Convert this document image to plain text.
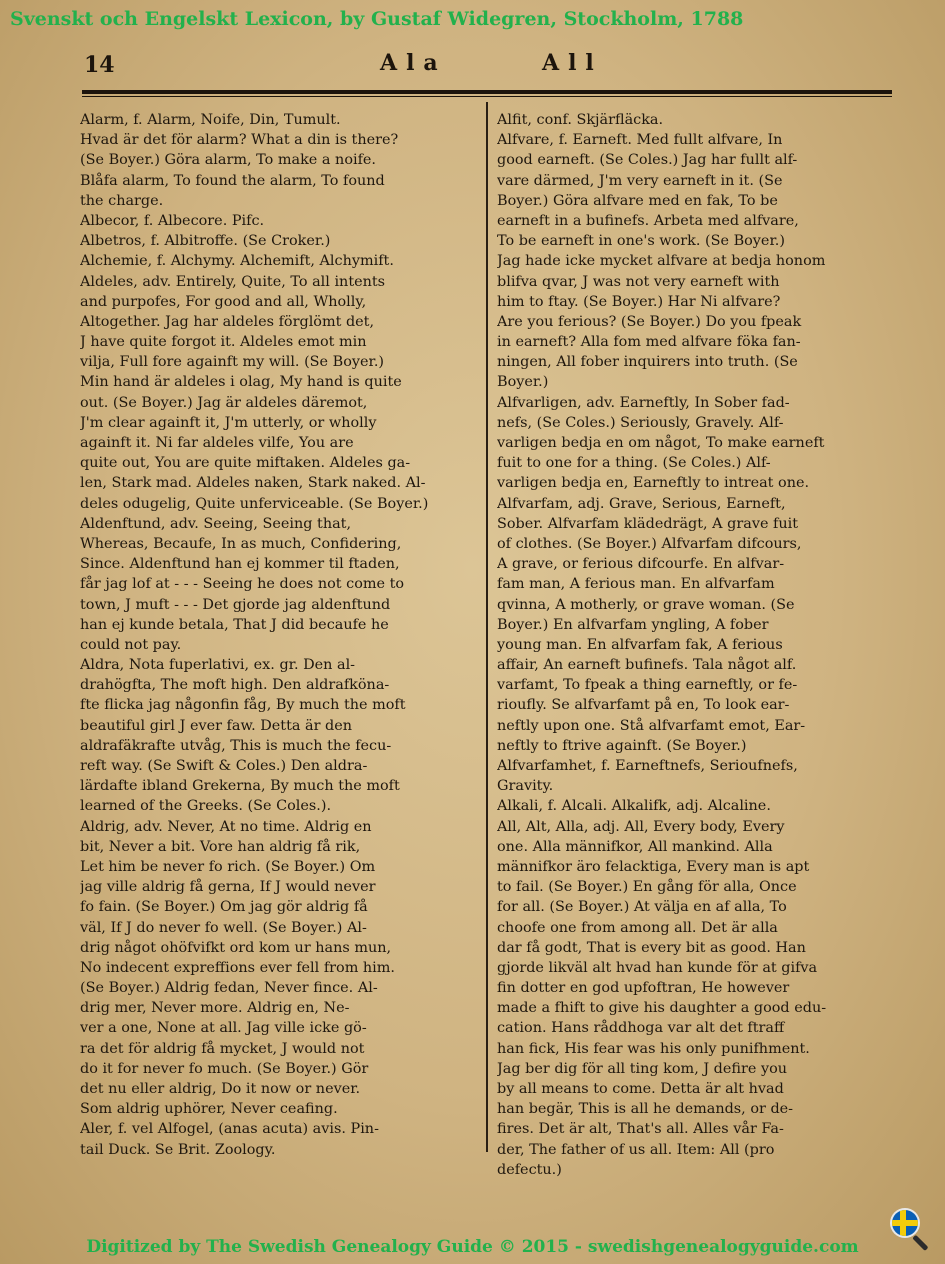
Svenskt och Engelskt Lexicon, by Gustaf Widegren, Stockholm, 1788
14	Ala	All
Alarm, f. Alarm, Noife, Din, Tumult.
Hvad är det för alarm? What a din is there?
(Se Boyer.) Göra alarm, To make a noife.
Blåfa alarm, To found the alarm, To found
the charge.
Albecor, f. Albecore. Pifc.
Albetros, f. Albitroffe. (Se Croker.)
Alchemie, f. Alchymy. Alchemift, Alchymift.
Aldeles, adv. Entirely, Quite, To all intents
and purpofes, For good and all, Wholly,
Altogether. Jag har aldeles förglömt det,
J have quite forgot it. Aldeles emot min
vilja, Full fore againft my will. (Se Boyer.)
Min hand är aldeles i olag, My hand is quite
out. (Se Boyer.) Jag är aldeles däremot,
J'm clear againft it, J'm utterly, or wholly
againft it. Ni far aldeles vilfe, You are
quite out, You are quite miftaken. Aldeles ga-
len, Stark mad. Aldeles naken, Stark naked. Al-
deles odugelig, Quite unferviceable. (Se Boyer.)
Aldenftund, adv. Seeing, Seeing that,
Whereas, Becaufe, In as much, Confidering,
Since. Aldenftund han ej kommer til ftaden,
får jag lof at - - - Seeing he does not come to
town, J muft - - - Det gjorde jag aldenftund
han ej kunde betala, That J did becaufe he
could not pay.
Aldra, Nota fuperlativi, ex. gr. Den al-
drahögfta, The moft high. Den aldrafköna-
fte flicka jag någonfin fåg, By much the moft
beautiful girl J ever faw. Detta är den
aldrafäkrafte utvåg, This is much the fecu-
reft way. (Se Swift & Coles.) Den aldra-
lärdafte ibland Grekerna, By much the moft
learned of the Greeks. (Se Coles.).
Aldrig, adv. Never, At no time. Aldrig en
bit, Never a bit. Vore han aldrig få rik,
Let him be never fo rich. (Se Boyer.) Om
jag ville aldrig få gerna, If J would never
fo fain. (Se Boyer.) Om jag gör aldrig få
väl, If J do never fo well. (Se Boyer.) Al-
drig något ohöfvifkt ord kom ur hans mun,
No indecent expreffions ever fell from him.
(Se Boyer.) Aldrig fedan, Never fince. Al-
drig mer, Never more. Aldrig en, Ne-
ver a one, None at all. Jag ville icke gö-
ra det för aldrig få mycket, J would not
do it for never fo much. (Se Boyer.) Gör
det nu eller aldrig, Do it now or never.
Som aldrig uphörer, Never ceafing.
Aler, f. vel Alfogel, (anas acuta) avis. Pin-
tail Duck. Se Brit. Zoology.
Alfit, conf. Skjärfläcka.
Alfvare, f. Earneft. Med fullt alfvare, In
good earneft. (Se Coles.) Jag har fullt alf-
vare därmed, J'm very earneft in it. (Se
Boyer.) Göra alfvare med en fak, To be
earneft in a bufinefs. Arbeta med alfvare,
To be earneft in one's work. (Se Boyer.)
Jag hade icke mycket alfvare at bedja honom
blifva qvar, J was not very earneft with
him to ftay. (Se Boyer.) Har Ni alfvare?
Are you ferious? (Se Boyer.) Do you fpeak
in earneft? Alla fom med alfvare föka fan-
ningen, All fober inquirers into truth. (Se
Boyer.)
Alfvarligen, adv. Earneftly, In Sober fad-
nefs, (Se Coles.) Seriously, Gravely. Alf-
varligen bedja en om något, To make earneft
fuit to one for a thing. (Se Coles.) Alf-
varligen bedja en, Earneftly to intreat one.
Alfvarfam, adj. Grave, Serious, Earneft,
Sober. Alfvarfam klädedrägt, A grave fuit
of clothes. (Se Boyer.) Alfvarfam difcours,
A grave, or ferious difcourfe. En alfvar-
fam man, A ferious man. En alfvarfam
qvinna, A motherly, or grave woman. (Se
Boyer.) En alfvarfam yngling, A fober
young man. En alfvarfam fak, A ferious
affair, An earneft bufinefs. Tala något alf.
varfamt, To fpeak a thing earneftly, or fe-
rioufly. Se alfvarfamt på en, To look ear-
neftly upon one. Stå alfvarfamt emot, Ear-
neftly to ftrive againft. (Se Boyer.)
Alfvarfamhet, f. Earneftnefs, Serioufnefs,
Gravity.
Alkali, f. Alcali. Alkalifk, adj. Alcaline.
All, Alt, Alla, adj. All, Every body, Every
one. Alla männifkor, All mankind. Alla
männifkor äro felacktiga, Every man is apt
to fail. (Se Boyer.) En gång för alla, Once
for all. (Se Boyer.) At välja en af alla, To
choofe one from among all. Det är alla
dar få godt, That is every bit as good. Han
gjorde likväl alt hvad han kunde för at gifva
fin dotter en god upfoftran, He however
made a fhift to give his daughter a good edu-
cation. Hans råddhoga var alt det ftraff
han fick, His fear was his only punifhment.
Jag ber dig för all ting kom, J defire you
by all means to come. Detta är alt hvad
han begär, This is all he demands, or de-
fires. Det är alt, That's all. Alles vår Fa-
der, The father of us all. Item: All (pro
defectu.)
Digitized by The Swedish Genealogy Guide © 2015 - swedishgenealogyguide.com
